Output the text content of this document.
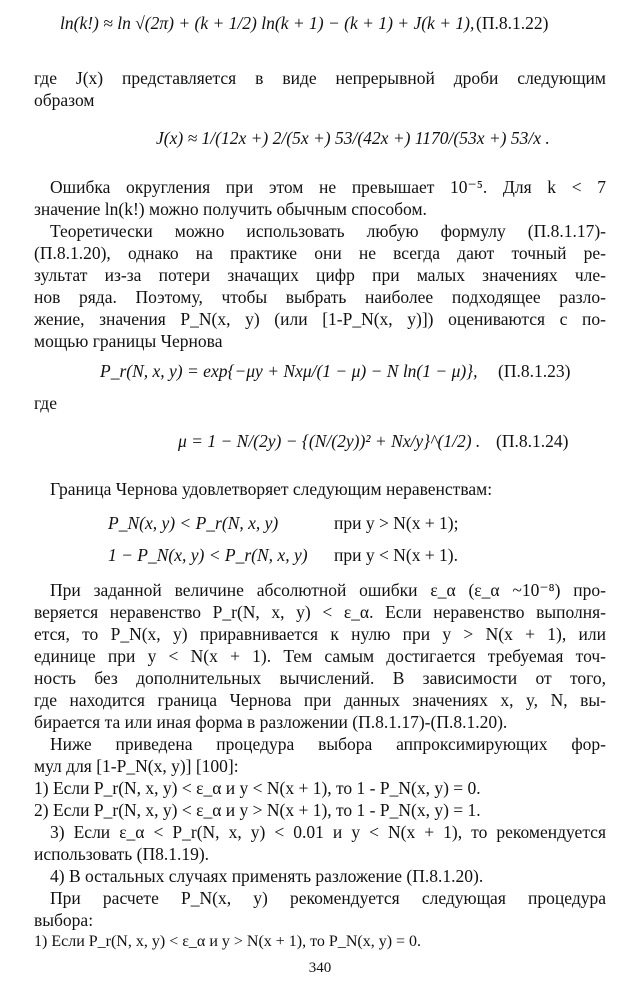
ln(k!) ≈ ln √(2π) + (k + 1/2) ln(k + 1) − (k + 1) + J(k + 1), (П.8.1.22)
где J(x) представляется в виде непрерывной дроби следующим
образом
J(x) ≈ 1/(12x +) 2/(5x +) 53/(42x +) 1170/(53x +) 53/x .
Ошибка округления при этом не превышает 10⁻⁵. Для k < 7
значение ln(k!) можно получить обычным способом.
Теоретически можно использовать любую формулу (П.8.1.17)-
(П.8.1.20), однако на практике они не всегда дают точный ре-
зультат из-за потери значащих цифр при малых значениях чле-
нов ряда. Поэтому, чтобы выбрать наиболее подходящее разло-
жение, значения P_N(x, y) (или [1-P_N(x, y)]) оцениваются с по-
мощью границы Чернова
P_r(N, x, y) = exp{−μy + Nxμ/(1 − μ) − N ln(1 − μ)}, (П.8.1.23)
где
μ = 1 − N/(2y) − {(N/(2y))² + Nx/y}^(1/2) . (П.8.1.24)
Граница Чернова удовлетворяет следующим неравенствам:
P_N(x, y) < P_r(N, x, y)	при y > N(x + 1);
1 − P_N(x, y) < P_r(N, x, y) при y < N(x + 1).
При заданной величине абсолютной ошибки ε_α (ε_α ~10⁻⁸) про-
веряется неравенство P_r(N, x, y) < ε_α. Если неравенство выполня-
ется, то P_N(x, y) приравнивается к нулю при y > N(x + 1), или
единице при y < N(x + 1). Тем самым достигается требуемая точ-
ность без дополнительных вычислений. В зависимости от того,
где находится граница Чернова при данных значениях x, y, N, вы-
бирается та или иная форма в разложении (П.8.1.17)-(П.8.1.20).
Ниже приведена процедура выбора аппроксимирующих фор-
мул для [1-P_N(x, y)] [100]:
1) Если P_r(N, x, y) < ε_α и y < N(x + 1), то 1 - P_N(x, y) = 0.
2) Если P_r(N, x, y) < ε_α и y > N(x + 1), то 1 - P_N(x, y) = 1.
3) Если ε_α < P_r(N, x, y) < 0.01 и y < N(x + 1), то рекомендуется
использовать (П8.1.19).
4) В остальных случаях применять разложение (П.8.1.20).
При расчете P_N(x, y) рекомендуется следующая процедура
выбора:
340
1) Если P_r(N, x, y) < ε_α и y > N(x + 1), то P_N(x, y) = 0.
